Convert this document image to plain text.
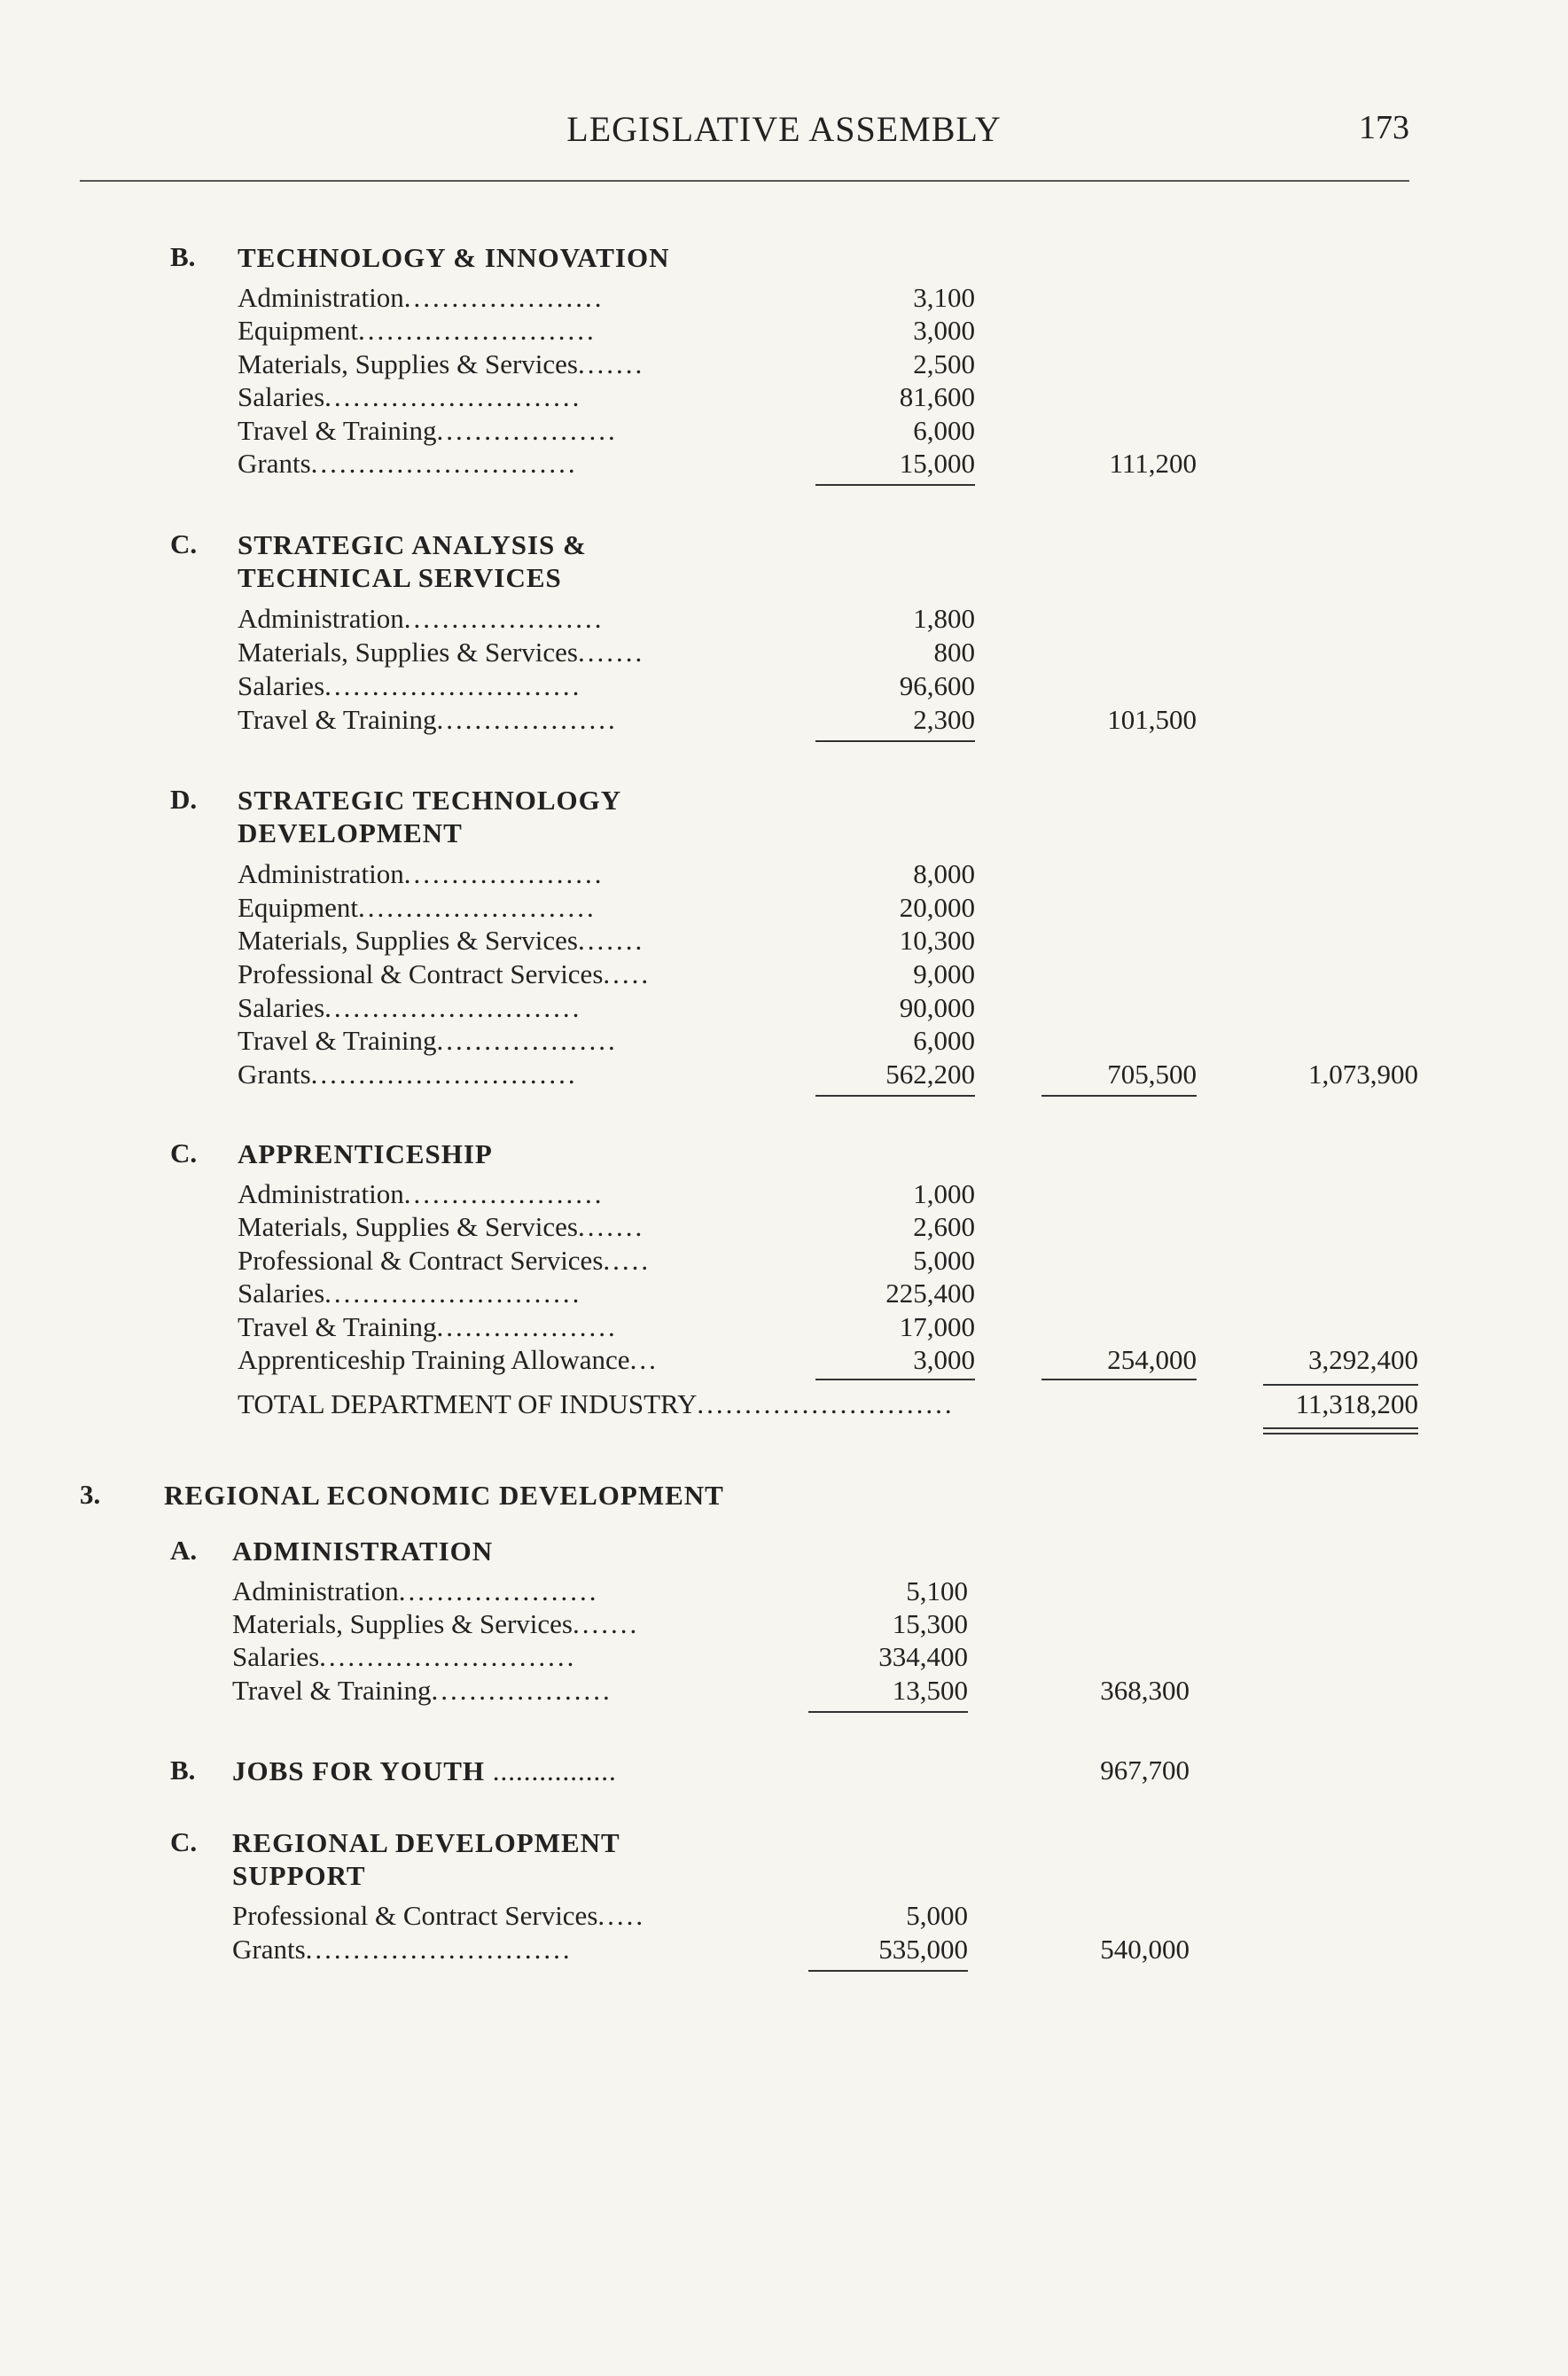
LEGISLATIVE ASSEMBLY	173
B. TECHNOLOGY & INNOVATION
Administration.....................	3,100
Equipment.........................	3,000
Materials, Supplies & Services.......	2,500
Salaries...........................	81,600
Travel & Training...................	6,000
Grants............................	15,000	111,200
C. STRATEGIC ANALYSIS &
TECHNICAL SERVICES
Administration.....................	1,800
Materials, Supplies & Services.......	800
Salaries...........................	96,600
Travel & Training...................	2,300	101,500
D. STRATEGIC TECHNOLOGY
DEVELOPMENT
Administration.....................	8,000
Equipment.........................	20,000
Materials, Supplies & Services.......	10,300
Professional & Contract Services.....	9,000
Salaries...........................	90,000
Travel & Training...................	6,000
Grants............................	562,200	705,500	1,073,900
C. APPRENTICESHIP
Administration.....................	1,000
Materials, Supplies & Services.......	2,600
Professional & Contract Services.....	5,000
Salaries...........................	225,400
Travel & Training...................	17,000
Apprenticeship Training Allowance...	3,000	254,000	3,292,400
TOTAL DEPARTMENT OF INDUSTRY...........................	11,318,200
3. REGIONAL ECONOMIC DEVELOPMENT
A. ADMINISTRATION
Administration.....................	5,100
Materials, Supplies & Services.......	15,300
Salaries...........................	334,400
Travel & Training...................	13,500	368,300
B. JOBS FOR YOUTH ................	967,700
C. REGIONAL DEVELOPMENT
SUPPORT
Professional & Contract Services.....	5,000
Grants............................	535,000	540,000
